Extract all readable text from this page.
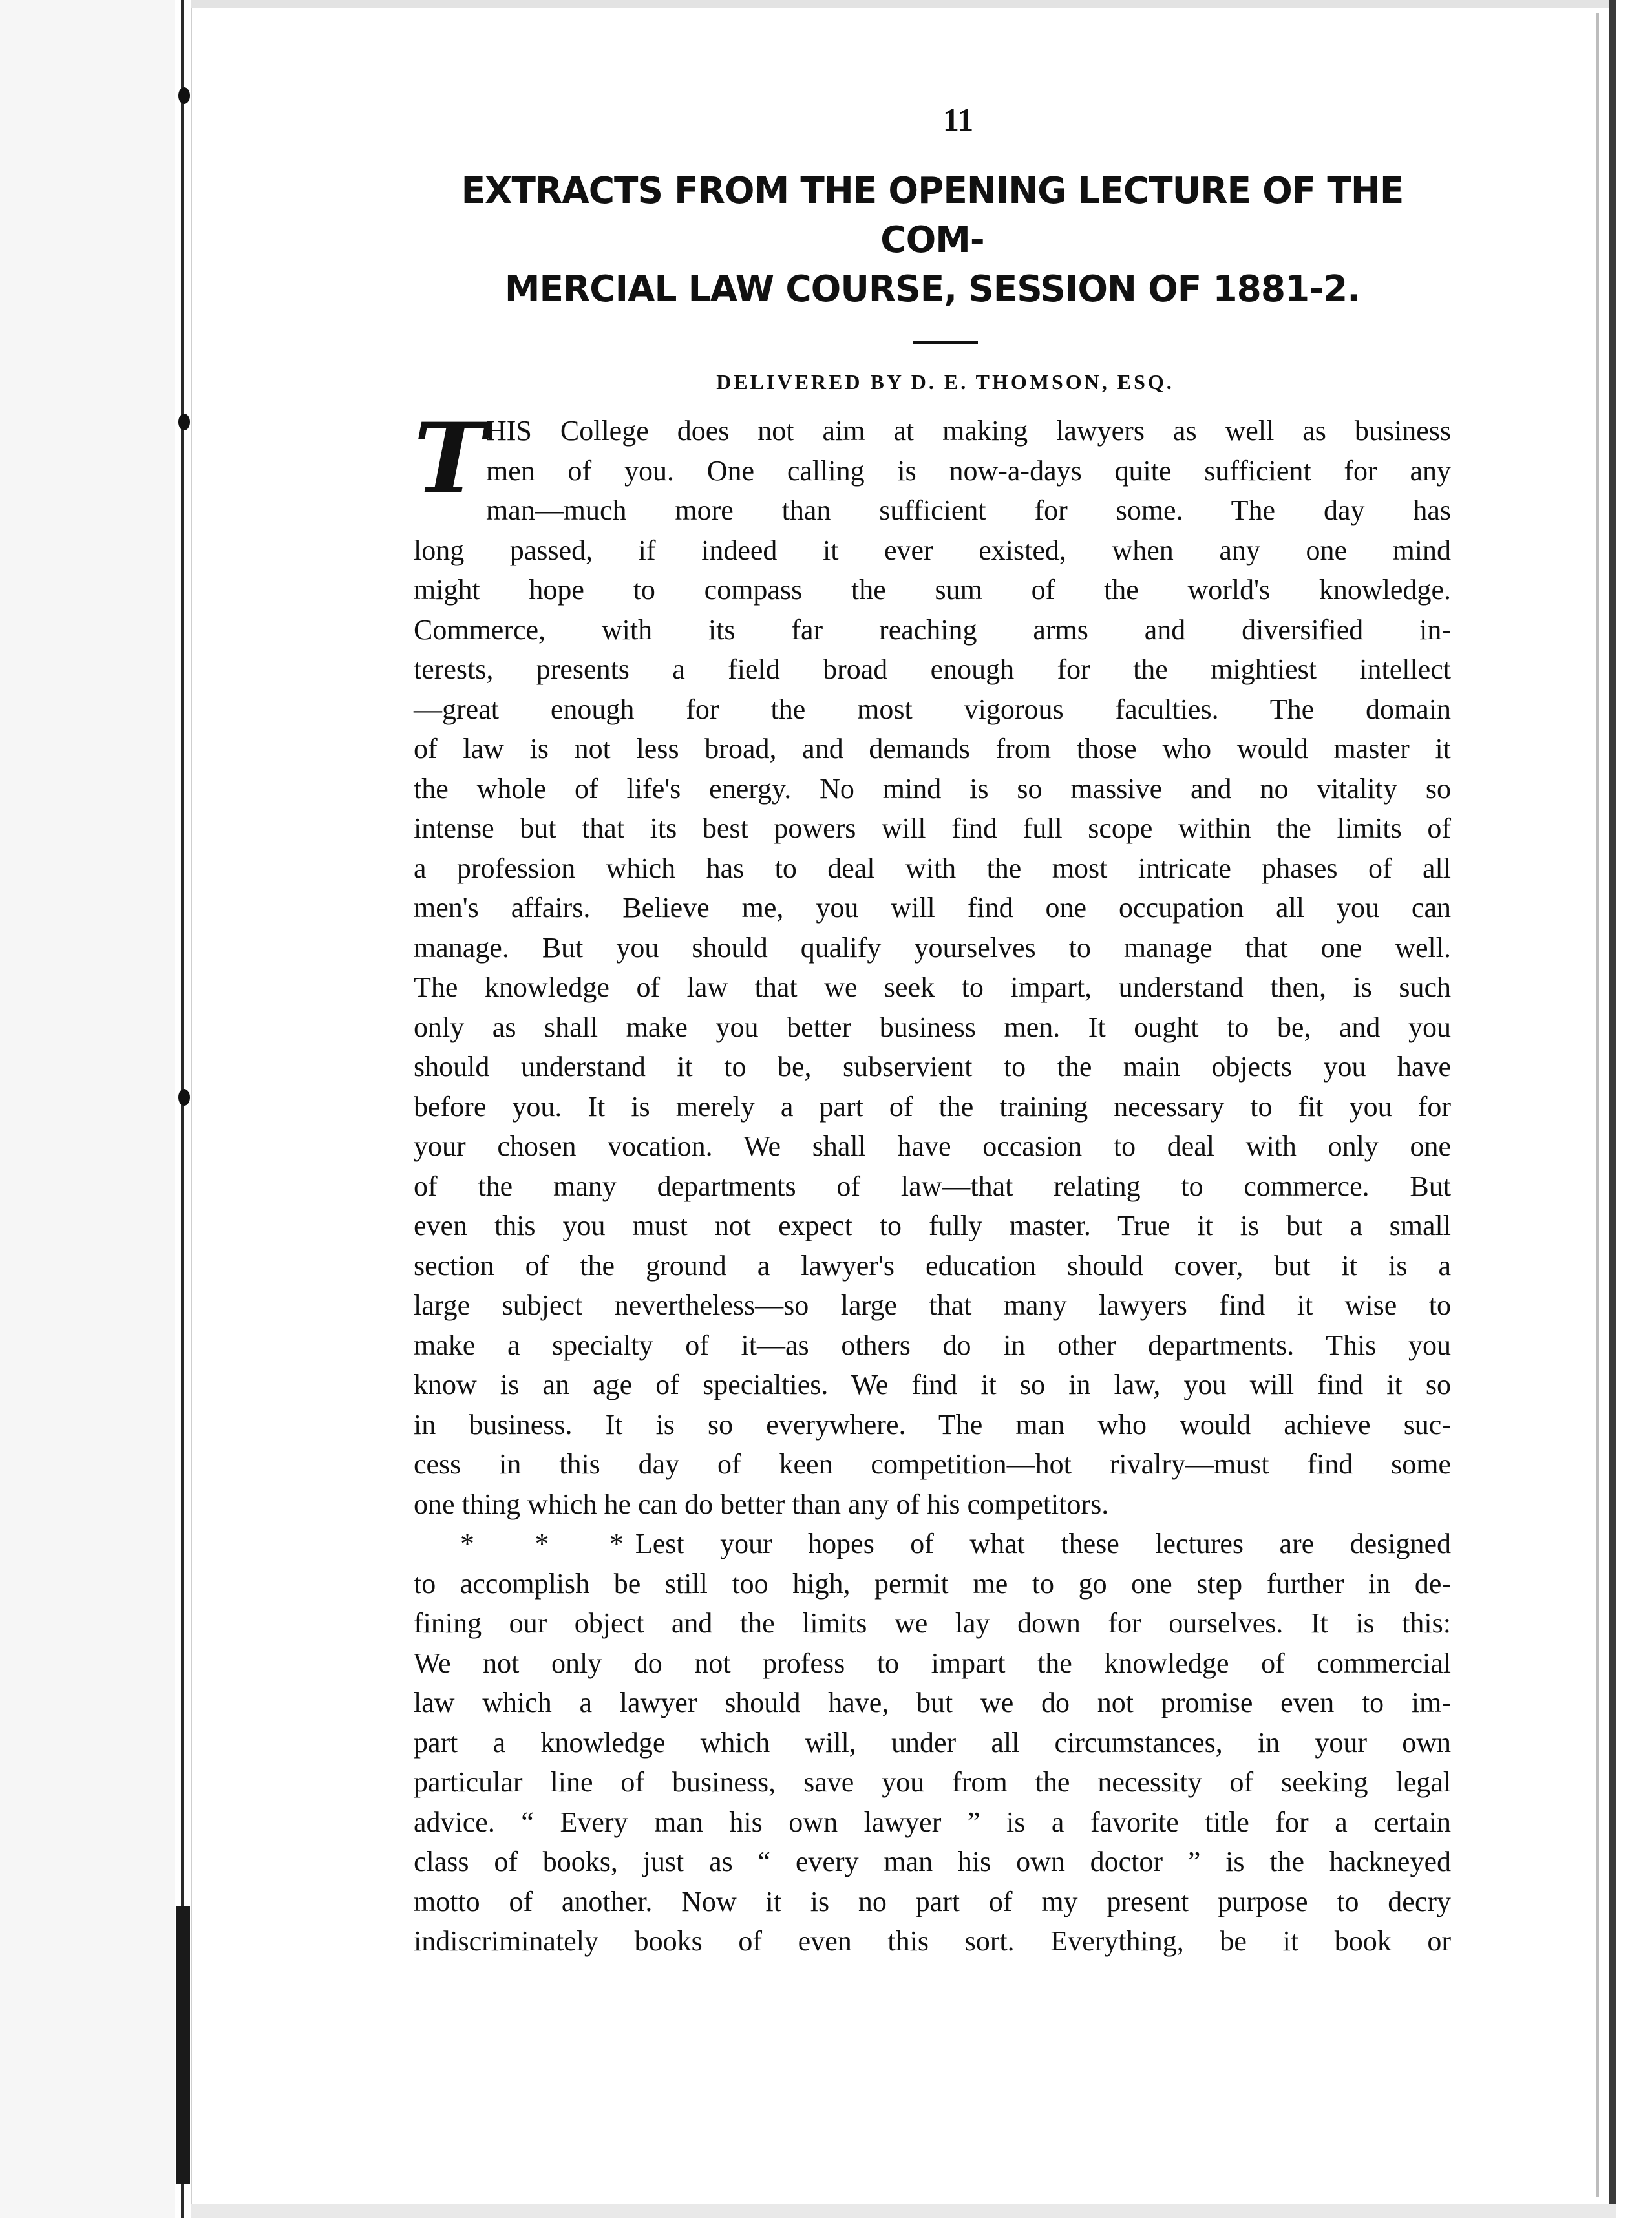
11
EXTRACTS FROM THE OPENING LECTURE OF THE COM-
MERCIAL LAW COURSE, SESSION OF 1881-2.
DELIVERED BY D. E. THOMSON, ESQ.
T HIS College does not aim at making lawyers as well as business
men of you. One calling is now-a-days quite sufficient for any
man—much more than sufficient for some. The day has
long passed, if indeed it ever existed, when any one mind
might hope to compass the sum of the world's knowledge.
Commerce, with its far reaching arms and diversified in-
terests, presents a field broad enough for the mightiest intellect
—great enough for the most vigorous faculties. The domain
of law is not less broad, and demands from those who would master it
the whole of life's energy. No mind is so massive and no vitality so
intense but that its best powers will find full scope within the limits of
a profession which has to deal with the most intricate phases of all
men's affairs. Believe me, you will find one occupation all you can
manage. But you should qualify yourselves to manage that one well.
The knowledge of law that we seek to impart, understand then, is such
only as shall make you better business men. It ought to be, and you
should understand it to be, subservient to the main objects you have
before you. It is merely a part of the training necessary to fit you for
your chosen vocation. We shall have occasion to deal with only one
of the many departments of law—that relating to commerce. But
even this you must not expect to fully master. True it is but a small
section of the ground a lawyer's education should cover, but it is a
large subject nevertheless—so large that many lawyers find it wise to
make a specialty of it—as others do in other departments. This you
know is an age of specialties. We find it so in law, you will find it so
in business. It is so everywhere. The man who would achieve suc-
cess in this day of keen competition—hot rivalry—must find some
one thing which he can do better than any of his competitors.
* * * Lest your hopes of what these lectures are designed
to accomplish be still too high, permit me to go one step further in de-
fining our object and the limits we lay down for ourselves. It is this:
We not only do not profess to impart the knowledge of commercial
law which a lawyer should have, but we do not promise even to im-
part a knowledge which will, under all circumstances, in your own
particular line of business, save you from the necessity of seeking legal
advice. “ Every man his own lawyer ” is a favorite title for a certain
class of books, just as “ every man his own doctor ” is the hackneyed
motto of another. Now it is no part of my present purpose to decry
indiscriminately books of even this sort. Everything, be it book or
